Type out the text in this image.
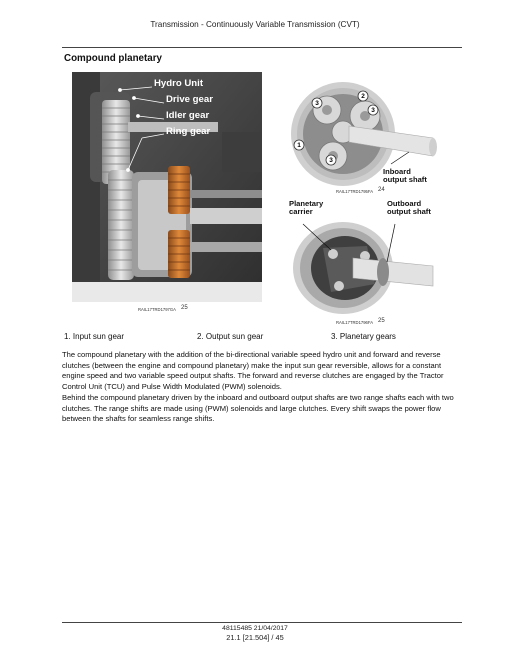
Transmission - Continuously Variable Transmission (CVT)
Compound planetary
Hydro Unit
Drive gear
Idler gear
Ring gear
RAIL17TRD1797GA 25
3
2
3
1
3
Inboard output shaft
RAIL17TRD1795FA 24
Planetary carrier
Outboard output shaft
RAIL17TRD1796FA 25
1. Input sun gear	2. Output sun gear	3. Planetary gears
The compound planetary with the addition of the bi-directional variable speed hydro unit and forward and reverse clutches (between the engine and compound planetary) make the input sun gear reversible, allows for a constant engine speed and two variable speed output shafts. The forward and reverse clutches are engaged by the Tractor Control Unit (TCU) and Pulse Width Modulated (PWM) solenoids.
Behind the compound planetary driven by the inboard and outboard output shafts are two range shafts each with two clutches. The range shifts are made using (PWM) solenoids and large clutches. Every shift swaps the power flow between the shafts for seamless range shifts.
48115485 21/04/2017
21.1 [21.504] / 45
